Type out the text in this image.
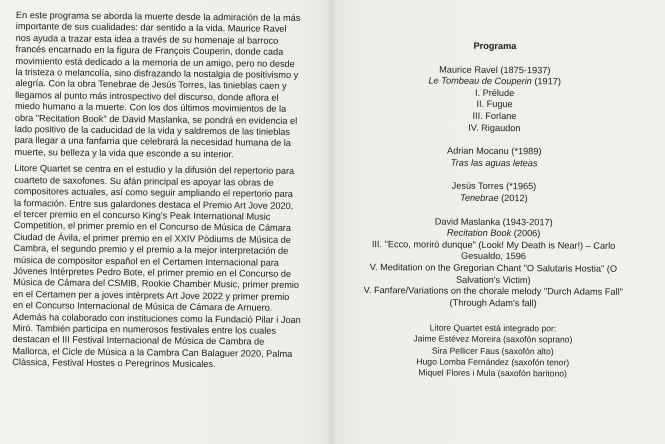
En este programa se aborda la muerte desde la admiración de la más
importante de sus cualidades: dar sentido a la vida. Maurice Ravel
nos ayuda a trazar esta idea a través de su homenaje al barroco
francés encarnado en la figura de François Couperin, donde cada
movimiento está dedicado a la memoria de un amigo, pero no desde
la tristeza o melancolía, sino disfrazando la nostalgia de positivismo y
alegría. Con la obra Tenebrae de Jesús Torres, las tinieblas caen y
llegamos al punto más introspectivo del discurso, donde aflora el
miedo humano a la muerte. Con los dos últimos movimientos de la
obra "Recitation Book" de David Maslanka, se pondrá en evidencia el
lado positivo de la caducidad de la vida y saldremos de las tinieblas
para llegar a una fanfarria que celebrará la necesidad humana de la
muerte, su belleza y la vida que esconde a su interior.

Litore Quartet se centra en el estudio y la difusión del repertorio para
cuarteto de saxofones. Su afán principal es apoyar las obras de
compositores actuales, así como seguir ampliando el repertorio para
la formación. Entre sus galardones destaca el Premio Art Jove 2020,
el tercer premio en el concurso King's Peak International Music
Competition, el primer premio en el Concurso de Música de Cámara
Ciudad de Ávila, el primer premio en el XXIV Pòdiums de Música de
Cambra, el segundo premio y el premio a la mejor interpretación de
música de compositor español en el Certamen Internacional para
Jóvenes Intérpretes Pedro Bote, el primer premio en el Concurso de
Música de Cámara del CSMIB, Rookie Chamber Music, primer premio
en el Certamen per a joves intèrprets Art Jove 2022 y primer premio
en el Concurso Internacional de Música de Cámara de Arnuero.
Además ha colaborado con instituciones como la Fundació Pilar i Joan
Miró. También participa en numerosos festivales entre los cuales
destacan el III Festival Internacional de Música de Cambra de
Mallorca, el Cicle de Música a la Cambra Can Balaguer 2020, Palma
Clàssica, Festival Hostes o Peregrinos Musicales.

Programa
Maurice Ravel (1875-1937)
Le Tombeau de Couperin (1917)
I. Prélude
II. Fugue
III. Forlane
IV. Rigaudon
Adrian Mocanu (*1989)
Tras las aguas leteas
Jesús Torres (*1965)
Tenebrae (2012)
David Maslanka (1943-2017)
Recitation Book (2006)
III. "Ecco, morirò dunque" (Look! My Death is Near!) – Carlo
Gesualdo, 1596
V. Meditation on the Gregorian Chant "O Salutaris Hostia" (O
Salvation's Victim)
V. Fanfare/Variations on the chorale melody "Durch Adams Fall"
(Through Adam's fall)
Litore Quartet está integrado por:
Jaime Estévez Moreira (saxofón soprano)
Sira Pellicer Faus (saxofón alto)
Hugo Lomba Fernández (saxofón tenor)
Miquel Flores i Mula (saxofón baritono)
